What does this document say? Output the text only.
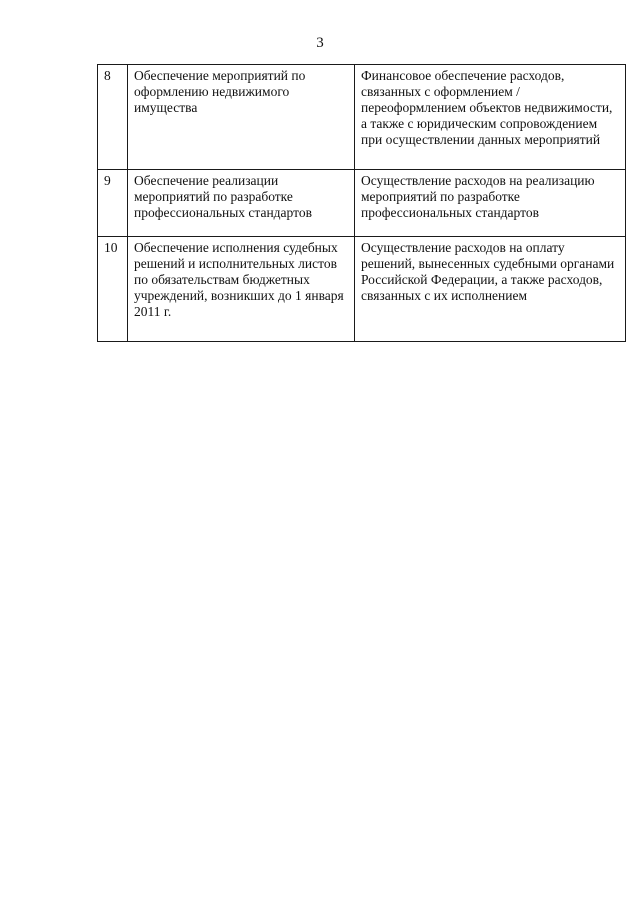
3
8	Обеспечение мероприятий по оформлению недвижимого имущества	Финансовое обеспечение расходов, связанных с оформлением / переоформлением объектов недвижимости, а также с юридическим сопровождением при осуществлении данных мероприятий
9	Обеспечение реализации мероприятий по разработке профессиональных стандартов	Осуществление расходов на реализацию мероприятий по разработке профессиональных стандартов
10	Обеспечение исполнения судебных решений и исполнительных листов по обязательствам бюджетных учреждений, возникших до 1 января 2011 г.	Осуществление расходов на оплату решений, вынесенных судебными органами Российской Федерации, а также расходов, связанных с их исполнением
